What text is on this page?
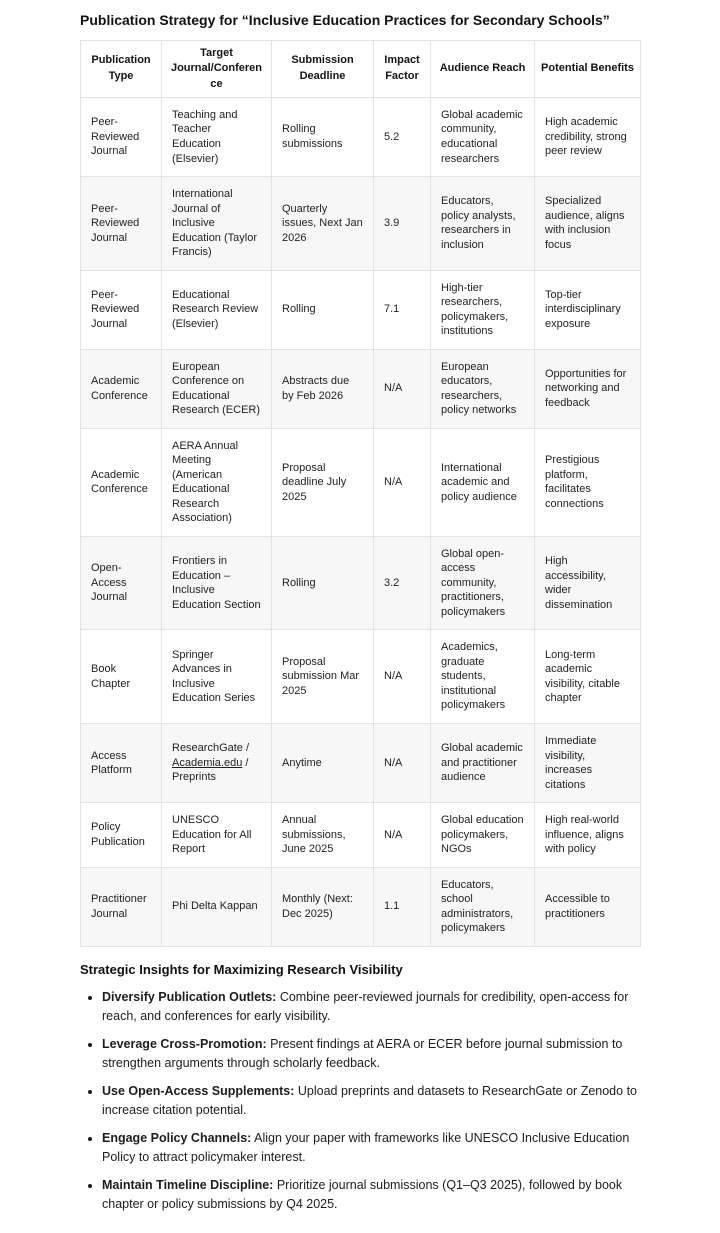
Publication Strategy for “Inclusive Education Practices for Secondary Schools”
Publication Type	Target Journal/Conference	Submission Deadline	Impact Factor	Audience Reach	Potential Benefits
Peer-Reviewed Journal	Teaching and Teacher Education (Elsevier)	Rolling submissions	5.2	Global academic community, educational researchers	High academic credibility, strong peer review
Peer-Reviewed Journal	International Journal of Inclusive Education (Taylor Francis)	Quarterly issues, Next Jan 2026	3.9	Educators, policy analysts, researchers in inclusion	Specialized audience, aligns with inclusion focus
Peer-Reviewed Journal	Educational Research Review (Elsevier)	Rolling	7.1	High-tier researchers, policymakers, institutions	Top-tier interdisciplinary exposure
Academic Conference	European Conference on Educational Research (ECER)	Abstracts due by Feb 2026	N/A	European educators, researchers, policy networks	Opportunities for networking and feedback
Academic Conference	AERA Annual Meeting (American Educational Research Association)	Proposal deadline July 2025	N/A	International academic and policy audience	Prestigious platform, facilitates connections
Open-Access Journal	Frontiers in Education – Inclusive Education Section	Rolling	3.2	Global open-access community, practitioners, policymakers	High accessibility, wider dissemination
Book Chapter	Springer Advances in Inclusive Education Series	Proposal submission Mar 2025	N/A	Academics, graduate students, institutional policymakers	Long-term academic visibility, citable chapter
Access Platform	ResearchGate / Academia.edu / Preprints	Anytime	N/A	Global academic and practitioner audience	Immediate visibility, increases citations
Policy Publication	UNESCO Education for All Report	Annual submissions, June 2025	N/A	Global education policymakers, NGOs	High real-world influence, aligns with policy
Practitioner Journal	Phi Delta Kappan	Monthly (Next: Dec 2025)	1.1	Educators, school administrators, policymakers	Accessible to practitioners
Strategic Insights for Maximizing Research Visibility
• Diversify Publication Outlets: Combine peer-reviewed journals for credibility, open-access for reach, and conferences for early visibility.
• Leverage Cross-Promotion: Present findings at AERA or ECER before journal submission to strengthen arguments through scholarly feedback.
• Use Open-Access Supplements: Upload preprints and datasets to ResearchGate or Zenodo to increase citation potential.
• Engage Policy Channels: Align your paper with frameworks like UNESCO Inclusive Education Policy to attract policymaker interest.
• Maintain Timeline Discipline: Prioritize journal submissions (Q1–Q3 2025), followed by book chapter or policy submissions by Q4 2025.
